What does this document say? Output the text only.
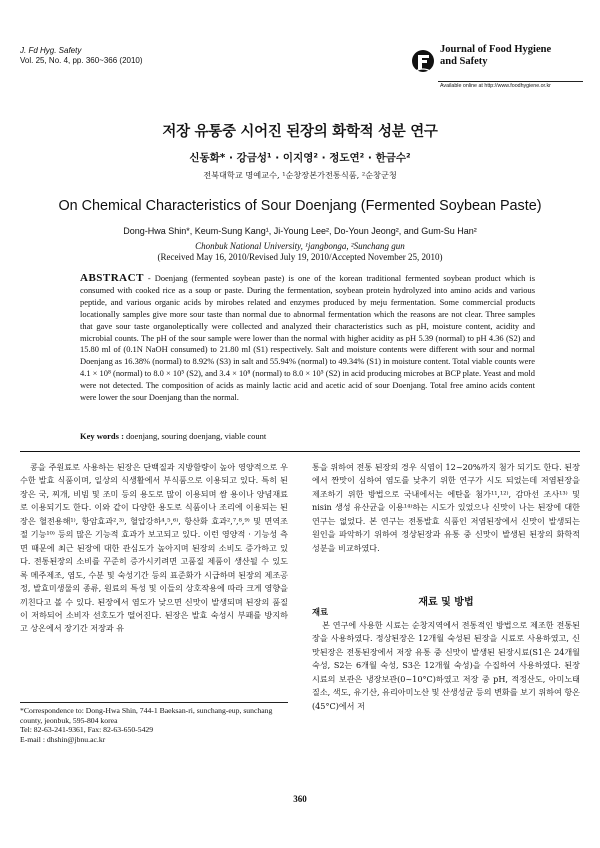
J. Fd Hyg. Safety
Vol. 25, No. 4, pp. 360~366 (2010)
Journal of Food Hygiene
and Safety
Available online at http://www.foodhygiene.or.kr
저장 유통중 시어진 된장의 화학적 성분 연구
신동화* · 강금성¹ · 이지영² · 정도연² · 한금수²
전북대학교 명예교수, ¹순창장본가전통식품, ²순창군청
On Chemical Characteristics of Sour Doenjang (Fermented Soybean Paste)
Dong-Hwa Shin*, Keum-Sung Kang¹, Ji-Young Lee², Do-Youn Jeong², and Gum-Su Han²
Chonbuk National University, ¹jangbonga, ²Sunchang gun
(Received May 16, 2010/Revised July 19, 2010/Accepted November 25, 2010)
ABSTRACT - Doenjang (fermented soybean paste) is one of the korean traditional fermented soybean product which is consumed with cooked rice as a soup or paste. During the fermentation, soybean protein hydrolyzed into amino acids and various peptide, and various organic acids by mirobes related and enzymes produced by meju fermentation. Some commercial products locationally samples give more sour taste than normal due to abnormal fermentation which the reasons are not clear. Three samples that gave sour taste organoleptically were collected and analyzed their characteristics such as pH, moisture content, acidity and microbial counts. The pH of the sour sample were lower than the normal with higher acidity as pH 5.39 (normal) to pH 4.36 (S2) and 15.80 ml of (0.1N NaOH consumed) to 21.80 ml (S1) respectively. Salt and moisture contents were different with sour and normal Doenjang as 16.38% (normal) to 8.92% (S3) in salt and 55.94% (normal) to 49.34% (S1) in moisture content. Total viable counts were 4.1 × 10⁸ (normal) to 8.0 × 10⁵ (S2), and 3.4 × 10⁸ (normal) to 8.0 × 10⁵ (S2) in acid producing microbes at BCP plate. Yeast and mold were not detected. The composition of acids as mainly lactic acid and acetic acid of sour Doenjang. Total free amino acids content were lower the sour Doenjang than the normal.
Key words : doenjang, souring doenjang, viable count
콩을 주원료로 사용하는 된장은 단백질과 지방함량이 높아 영양적으로 우수한 발효 식품이며, 일상의 식생활에서 부식품으로 이용되고 있다. 특히 된장은 국, 찌개, 비빔 및 조미 등의 용도로 많이 이용되며 쌈 용이나 양념재료로 이용되기도 한다. 이와 같이 다양한 용도로 식품이나 조리에 이용되는 된장은 혈전용해¹⁾, 항암효과²,³⁾, 혈압강하⁴,⁵,⁶⁾, 항산화 효과²,⁷,⁸,⁹⁾ 및 면역조절 기능¹⁰⁾ 등의 많은 기능적 효과가 보고되고 있다. 이런 영양적 · 기능성 측면 때문에 최근 된장에 대한 관심도가 높아지며 된장의 소비도 증가하고 있다. 전통된장의 소비를 꾸준히 증가시키려면 고품질 제품이 생산될 수 있도록 메주제조, 염도, 수분 및 숙성기간 등의 표준화가 시급하며 된장의 제조공정, 발효미생물의 종류, 원료의 특성 및 이들의 상호작용에 따라 크게 영향을 끼친다고 볼 수 있다. 된장에서 염도가 낮으면 신맛이 발생되며 된장의 품질이 저하되어 소비자 선호도가 떨어진다. 된장은 발효 숙성시 부패를 방지하고 상온에서 장기간 저장과 유
통을 위하여 전통 된장의 경우 식염이 12~20%까지 첨가 되기도 한다. 된장에서 짠맛이 심하여 염도를 낮추기 위한 연구가 시도 되었는데 저염된장을 제조하기 위한 방법으로 국내에서는 에탄올 첨가¹¹,¹²⁾, 감마선 조사¹³⁾ 및 nisin 생성 유산균을 이용¹⁴⁾하는 시도가 있었으나 신맛이 나는 된장에 대한 연구는 없었다. 본 연구는 전통발효 식품인 저염된장에서 신맛이 발생되는 원인을 파악하기 위하여 정상된장과 유통 중 신맛이 발생된 된장의 화학적 성분을 비교하였다.
재료 및 방법
재료
본 연구에 사용한 시료는 순창지역에서 전통적인 방법으로 제조한 전통된장을 사용하였다. 정상된장은 12개월 숙성된 된장을 시료로 사용하였고, 신맛된장은 전통된장에서 저장 유통 중 신맛이 발생된 된장시료(S1은 24개월 숙성, S2는 6개월 숙성, S3은 12개월 숙성)을 수집하여 사용하였다. 된장 시료의 보관은 냉장보관(0~10°C)하였고 저장 중 pH, 적정산도, 아미노태 질소, 색도, 유기산, 유리아미노산 및 산생성균 등의 변화를 보기 위하여 항온(45°C)에서 저
*Correspondence to: Dong-Hwa Shin, 744-1 Baeksan-ri, sunchang-eup, sunchang county, jeonbuk, 595-804 korea
Tel: 82-63-241-9361, Fax: 82-63-650-5429
E-mail : dhshin@jbnu.ac.kr
360
